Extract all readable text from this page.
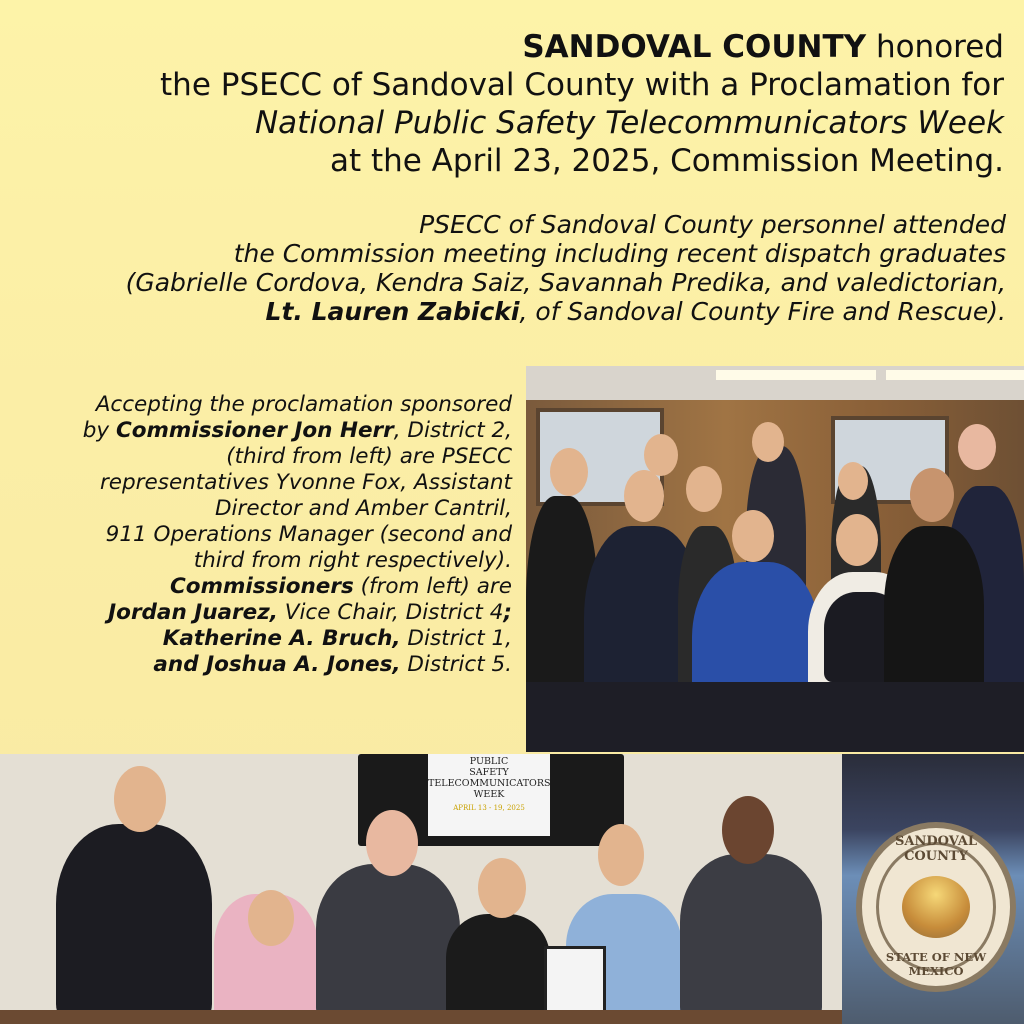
SANDOVAL COUNTY honored
the PSECC of Sandoval County with a Proclamation for
National Public Safety Telecommunicators Week
at the April 23, 2025, Commission Meeting.
PSECC of Sandoval County personnel attended
the Commission meeting including recent dispatch graduates
(Gabrielle Cordova, Kendra Saiz, Savannah Predika, and valedictorian,
Lt. Lauren Zabicki, of Sandoval County Fire and Rescue).
Accepting the proclamation sponsored
by Commissioner Jon Herr, District 2,
(third from left) are PSECC
representatives Yvonne Fox, Assistant
Director and Amber Cantril,
911 Operations Manager (second and
third from right respectively).
Commissioners (from left) are
Jordan Juarez, Vice Chair, District 4;
Katherine A. Bruch, District 1,
and Joshua A. Jones, District 5.
PUBLIC
SAFETY
TELECOMMUNICATORS
WEEK
APRIL 13 - 19, 2025
SANDOVAL COUNTY
STATE OF NEW MEXICO
